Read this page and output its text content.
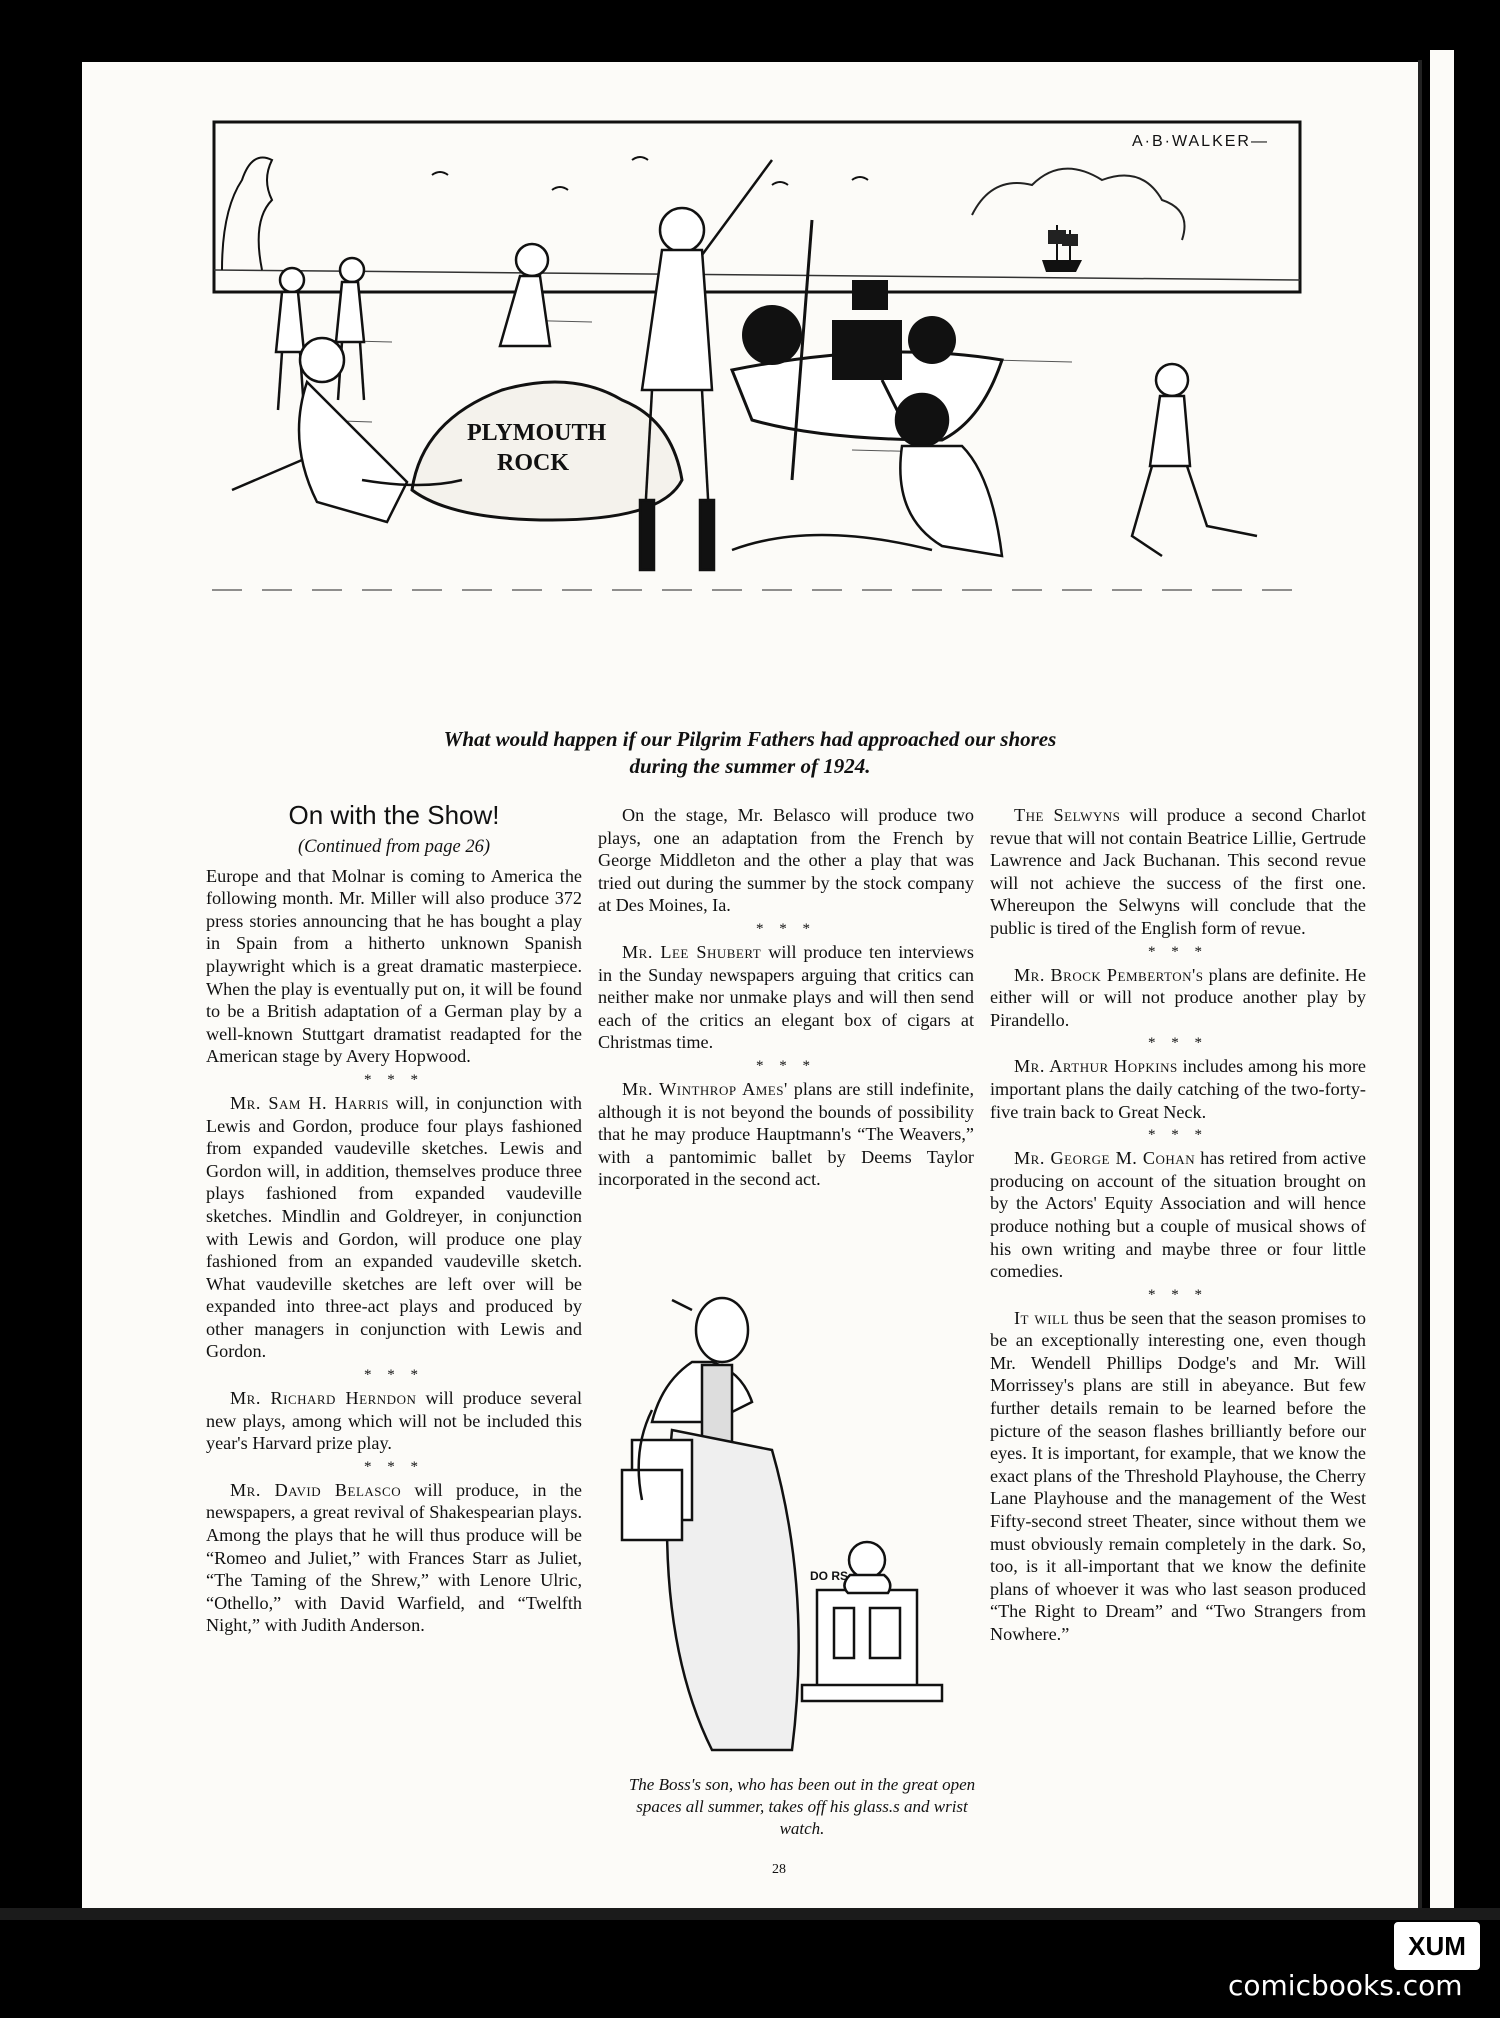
A·B·WALKER—
PLYMOUTH
ROCK
What would happen if our Pilgrim Fathers had approached our shores
during the summer of 1924.
On with the Show!
(Continued from page 26)

Europe and that Molnar is coming to America the following month. Mr. Miller will also produce 372 press stories announcing that he has bought a play in Spain from a hitherto unknown Spanish playwright which is a great dramatic masterpiece. When the play is eventually put on, it will be found to be a British adaptation of a German play by a well-known Stuttgart dramatist readapted for the American stage by Avery Hopwood.

* * *

Mr. Sam H. Harris will, in conjunction with Lewis and Gordon, produce four plays fashioned from expanded vaudeville sketches. Lewis and Gordon will, in addition, themselves produce three plays fashioned from expanded vaudeville sketches. Mindlin and Goldreyer, in conjunction with Lewis and Gordon, will produce one play fashioned from an expanded vaudeville sketch. What vaudeville sketches are left over will be expanded into three-act plays and produced by other managers in conjunction with Lewis and Gordon.

* * *

Mr. Richard Herndon will produce several new plays, among which will not be included this year's Harvard prize play.

* * *

Mr. David Belasco will produce, in the newspapers, a great revival of Shakespearian plays. Among the plays that he will thus produce will be “Romeo and Juliet,” with Frances Starr as Juliet, “The Taming of the Shrew,” with Lenore Ulric, “Othello,” with David Warfield, and “Twelfth Night,” with Judith Anderson.

On the stage, Mr. Belasco will produce two plays, one an adaptation from the French by George Middleton and the other a play that was tried out during the summer by the stock company at Des Moines, Ia.

* * *

Mr. Lee Shubert will produce ten interviews in the Sunday newspapers arguing that critics can neither make nor unmake plays and will then send each of the critics an elegant box of cigars at Christmas time.

* * *

Mr. Winthrop Ames' plans are still indefinite, although it is not beyond the bounds of possibility that he may produce Hauptmann's “The Weavers,” with a pantomimic ballet by Deems Taylor incorporated in the second act.

DO RS
The Boss's son, who has been out in the great open spaces all summer, takes off his glass.s and wrist watch.

The Selwyns will produce a second Charlot revue that will not contain Beatrice Lillie, Gertrude Lawrence and Jack Buchanan. This second revue will not achieve the success of the first one. Whereupon the Selwyns will conclude that the public is tired of the English form of revue.

* * *

Mr. Brock Pemberton's plans are definite. He either will or will not produce another play by Pirandello.

* * *

Mr. Arthur Hopkins includes among his more important plans the daily catching of the two-forty-five train back to Great Neck.

* * *

Mr. George M. Cohan has retired from active producing on account of the situation brought on by the Actors' Equity Association and will hence produce nothing but a couple of musical shows of his own writing and maybe three or four little comedies.

* * *

It will thus be seen that the season promises to be an exceptionally interesting one, even though Mr. Wendell Phillips Dodge's and Mr. Will Morrissey's plans are still in abeyance. But few further details remain to be learned before the picture of the season flashes brilliantly before our eyes. It is important, for example, that we know the exact plans of the Threshold Playhouse, the Cherry Lane Playhouse and the management of the West Fifty-second street Theater, since without them we must obviously remain completely in the dark. So, too, is it all-important that we know the definite plans of whoever it was who last season produced “The Right to Dream” and “Two Strangers from Nowhere.”

28
XUM
comicbooks.com
